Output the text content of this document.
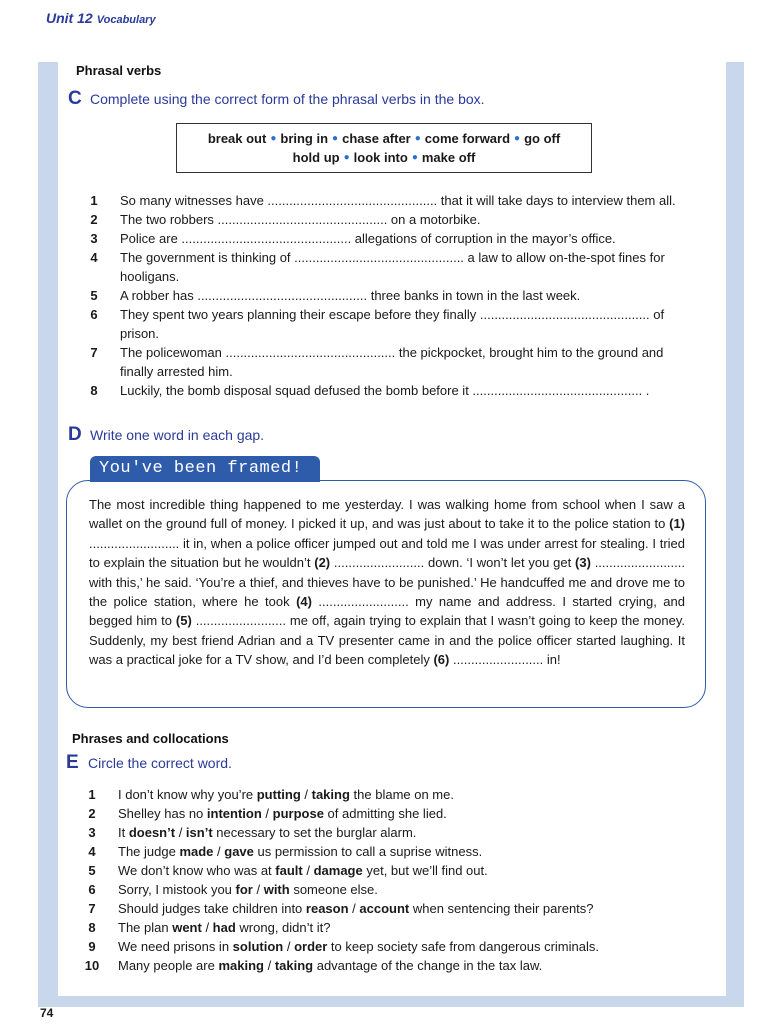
Unit 12 Vocabulary
Phrasal verbs
C Complete using the correct form of the phrasal verbs in the box.
break out ● bring in ● chase after ● come forward ● go off
hold up ● look into ● make off
1	So many witnesses have ............................................... that it will take days to interview them all.
2	The two robbers ............................................... on a motorbike.
3	Police are ............................................... allegations of corruption in the mayor’s office.
4	The government is thinking of ............................................... a law to allow on-the-spot fines for hooligans.
5	A robber has ............................................... three banks in town in the last week.
6	They spent two years planning their escape before they finally ............................................... of prison.
7	The policewoman ............................................... the pickpocket, brought him to the ground and finally arrested him.
8	Luckily, the bomb disposal squad defused the bomb before it ............................................... .
D Write one word in each gap.
You've been framed!
The most incredible thing happened to me yesterday. I was walking home from school when I saw a wallet on the ground full of money. I picked it up, and was just about to take it to the police station to (1) ......................... it in, when a police officer jumped out and told me I was under arrest for stealing. I tried to explain the situation but he wouldn’t (2) ......................... down. ‘I won’t let you get (3) ......................... with this,’ he said. ‘You’re a thief, and thieves have to be punished.’ He handcuffed me and drove me to the police station, where he took (4) ......................... my name and address. I started crying, and begged him to (5) ......................... me off, again trying to explain that I wasn’t going to keep the money. Suddenly, my best friend Adrian and a TV presenter came in and the police officer started laughing. It was a practical joke for a TV show, and I’d been completely (6) ......................... in!
Phrases and collocations
E Circle the correct word.
1	I don’t know why you’re putting / taking the blame on me.
2	Shelley has no intention / purpose of admitting she lied.
3	It doesn’t / isn’t necessary to set the burglar alarm.
4	The judge made / gave us permission to call a suprise witness.
5	We don’t know who was at fault / damage yet, but we’ll find out.
6	Sorry, I mistook you for / with someone else.
7	Should judges take children into reason / account when sentencing their parents?
8	The plan went / had wrong, didn’t it?
9	We need prisons in solution / order to keep society safe from dangerous criminals.
10	Many people are making / taking advantage of the change in the tax law.
74
